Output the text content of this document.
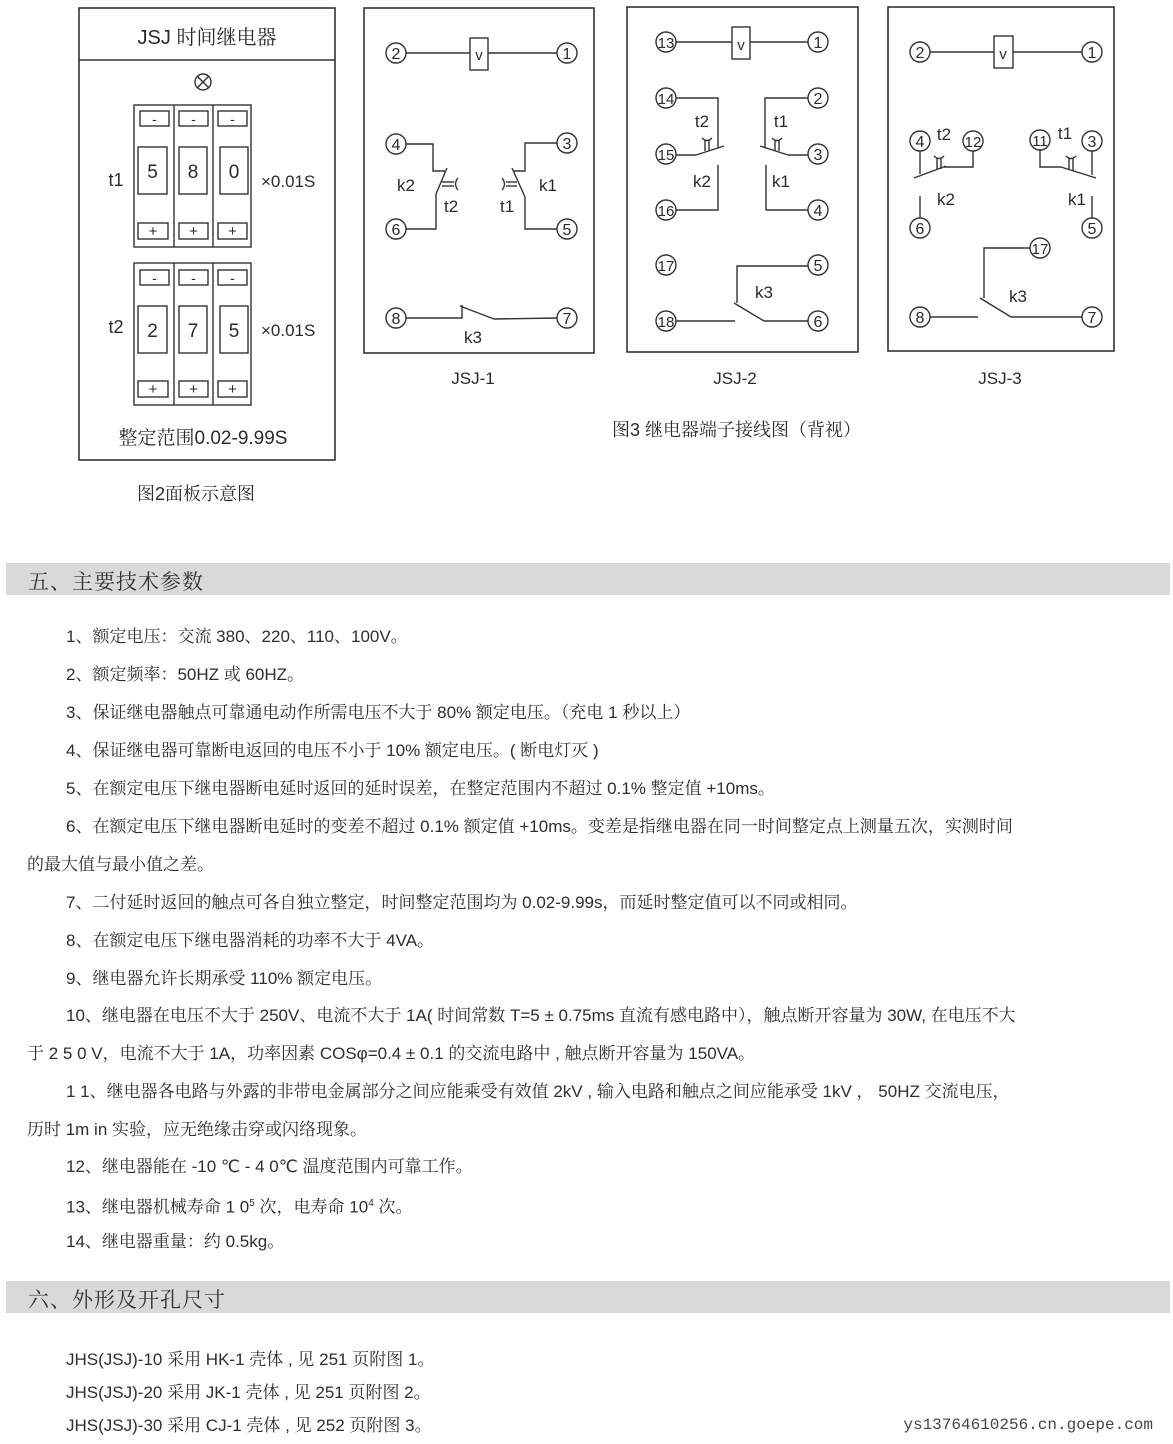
JSJ 时间继电器
t1
-
5
+
-
8
+
-
0
+
×0.01S
t2
-
2
+
-
7
+
-
5
+
×0.01S
整定范围0.02-9.99S
图2面板示意图
2	v	1
4
6
k2
t2
3
5
k1
t1
8	7
k3
JSJ-1
13	v	1
14
t2
15
k2
16
2
t1
3
k1
4
17
18
k3
5
6
JSJ-2
2	v	1
4 t2 12
k2
6
11 t1 3
k1
5
17
k3
8	7
JSJ-3
图3 继电器端子接线图（背视）
五、主要技术参数
1、额定电压：交流 380、220、110、100V。
2、额定频率：50HZ 或 60HZ。
3、保证继电器触点可靠通电动作所需电压不大于 80% 额定电压。（充电 1 秒以上）
4、保证继电器可靠断电返回的电压不小于 10% 额定电压。( 断电灯灭 )
5、在额定电压下继电器断电延时返回的延时误差，在整定范围内不超过 0.1% 整定值 +10ms。
6、在额定电压下继电器断电延时的变差不超过 0.1% 额定值 +10ms。变差是指继电器在同一时间整定点上测量五次，实测时间
的最大值与最小值之差。
7、二付延时返回的触点可各自独立整定，时间整定范围均为 0.02-9.99s，而延时整定值可以不同或相同。
8、在额定电压下继电器消耗的功率不大于 4VA。
9、继电器允许长期承受 110% 额定电压。
10、继电器在电压不大于 250V、电流不大于 1A( 时间常数 T=5 ± 0.75ms 直流有感电路中），触点断开容量为 30W, 在电压不大
于 2 5 0 V，电流不大于 1A，功率因素 COSφ=0.4 ± 0.1 的交流电路中 , 触点断开容量为 150VA。
1 1、继电器各电路与外露的非带电金属部分之间应能乘受有效值 2kV , 输入电路和触点之间应能承受 1kV ， 50HZ 交流电压，
历时 1m in 实验，应无绝缘击穿或闪络现象。
12、继电器能在 -10 ℃ - 4 0℃ 温度范围内可靠工作。
13、继电器机械寿命 1 $0^5$ 次，电寿命 $10^4$ 次。
14、继电器重量：约 0.5kg。
六、外形及开孔尺寸
JHS(JSJ)-10 采用 HK-1 壳体 , 见 251 页附图 1。
JHS(JSJ)-20 采用 JK-1 壳体 , 见 251 页附图 2。
JHS(JSJ)-30 采用 CJ-1 壳体 , 见 252 页附图 3。	ys13764610256.cn.goepe.com
